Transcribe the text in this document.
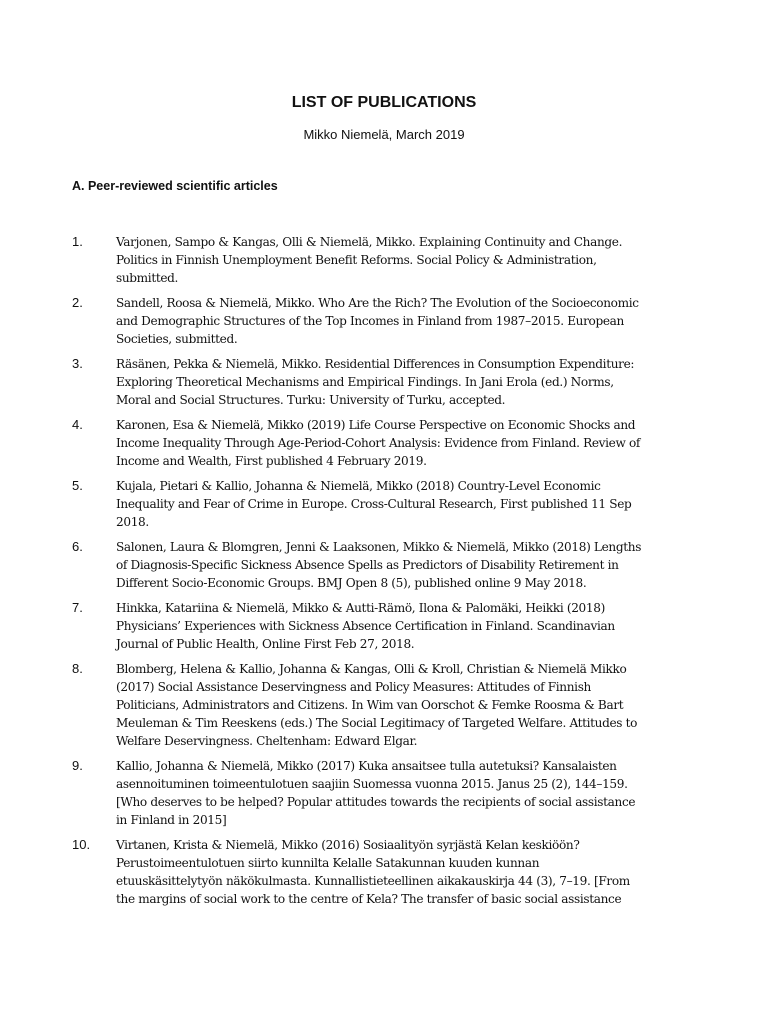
LIST OF PUBLICATIONS
Mikko Niemelä, March 2019
A. Peer-reviewed scientific articles
1.	Varjonen, Sampo & Kangas, Olli & Niemelä, Mikko. Explaining Continuity and Change.
Politics in Finnish Unemployment Benefit Reforms. Social Policy & Administration,
submitted.
2.	Sandell, Roosa & Niemelä, Mikko. Who Are the Rich? The Evolution of the Socioeconomic
and Demographic Structures of the Top Incomes in Finland from 1987–2015. European
Societies, submitted.
3.	Räsänen, Pekka & Niemelä, Mikko. Residential Differences in Consumption Expenditure:
Exploring Theoretical Mechanisms and Empirical Findings. In Jani Erola (ed.) Norms,
Moral and Social Structures. Turku: University of Turku, accepted.
4.	Karonen, Esa & Niemelä, Mikko (2019) Life Course Perspective on Economic Shocks and
Income Inequality Through Age-Period-Cohort Analysis: Evidence from Finland. Review of
Income and Wealth, First published 4 February 2019.
5.	Kujala, Pietari & Kallio, Johanna & Niemelä, Mikko (2018) Country-Level Economic
Inequality and Fear of Crime in Europe. Cross-Cultural Research, First published 11 Sep
2018.
6.	Salonen, Laura & Blomgren, Jenni & Laaksonen, Mikko & Niemelä, Mikko (2018) Lengths
of Diagnosis-Specific Sickness Absence Spells as Predictors of Disability Retirement in
Different Socio-Economic Groups. BMJ Open 8 (5), published online 9 May 2018.
7.	Hinkka, Katariina & Niemelä, Mikko & Autti-Rämö, Ilona & Palomäki, Heikki (2018)
Physicians’ Experiences with Sickness Absence Certification in Finland. Scandinavian
Journal of Public Health, Online First Feb 27, 2018.
8.	Blomberg, Helena & Kallio, Johanna & Kangas, Olli & Kroll, Christian & Niemelä Mikko
(2017) Social Assistance Deservingness and Policy Measures: Attitudes of Finnish
Politicians, Administrators and Citizens. In Wim van Oorschot & Femke Roosma & Bart
Meuleman & Tim Reeskens (eds.) The Social Legitimacy of Targeted Welfare. Attitudes to
Welfare Deservingness. Cheltenham: Edward Elgar.
9.	Kallio, Johanna & Niemelä, Mikko (2017) Kuka ansaitsee tulla autetuksi? Kansalaisten
asennoituminen toimeentulotuen saajiin Suomessa vuonna 2015. Janus 25 (2), 144–159.
[Who deserves to be helped? Popular attitudes towards the recipients of social assistance
in Finland in 2015]
10.	Virtanen, Krista & Niemelä, Mikko (2016) Sosiaalityön syrjästä Kelan keskiöön?
Perustoimeentulotuen siirto kunnilta Kelalle Satakunnan kuuden kunnan
etuuskäsittelytyön näkökulmasta. Kunnallistieteellinen aikakauskirja 44 (3), 7–19. [From
the margins of social work to the centre of Kela? The transfer of basic social assistance
